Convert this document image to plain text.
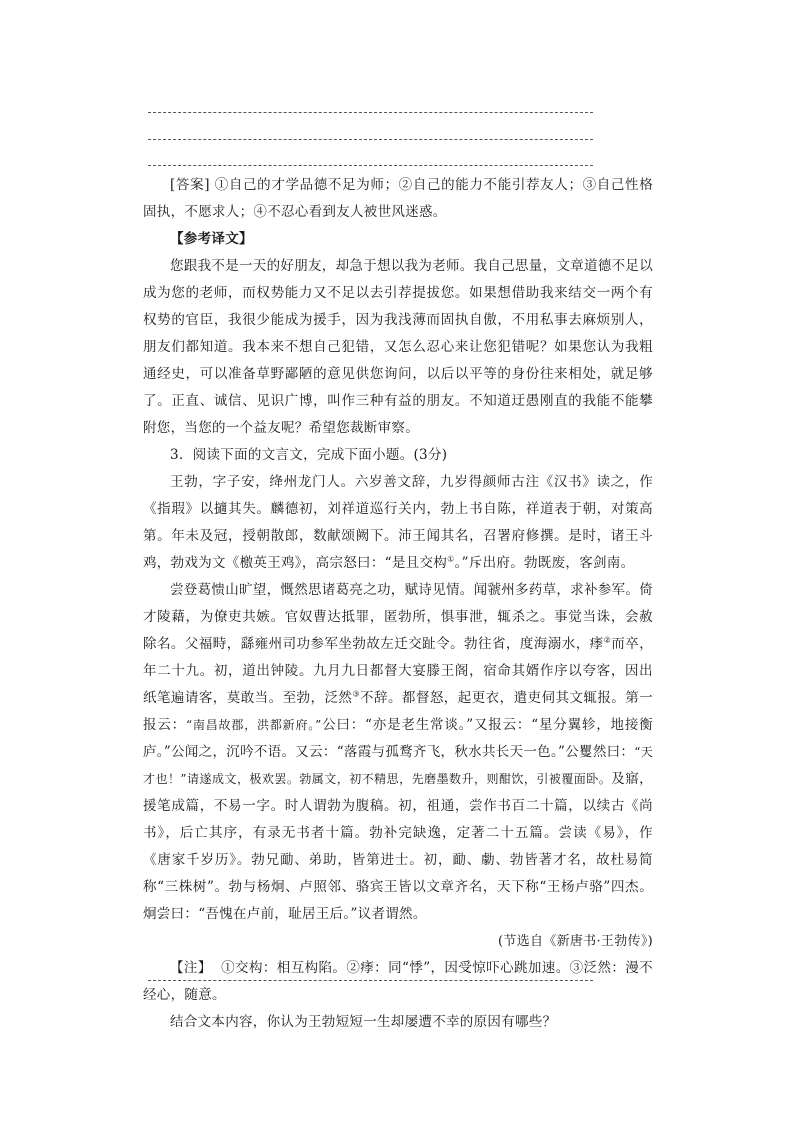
[答案] ①自己的才学品德不足为师；②自己的能力不能引荐友人；③自己性格固执，不愿求人；④不忍心看到友人被世风迷惑。

【参考译文】

您跟我不是一天的好朋友，却急于想以我为老师。我自己思量，文章道德不足以成为您的老师，而权势能力又不足以去引荐提拔您。如果想借助我来结交一两个有权势的官臣，我很少能成为援手，因为我浅薄而固执自傲，不用私事去麻烦别人，朋友们都知道。我本来不想自己犯错，又怎么忍心来让您犯错呢？如果您认为我粗通经史，可以准备草野鄙陋的意见供您询问，以后以平等的身份往来相处，就足够了。正直、诚信、见识广博，叫作三种有益的朋友。不知道迂愚刚直的我能不能攀附您，当您的一个益友呢？希望您裁断审察。

3．阅读下面的文言文，完成下面小题。(3分)

王勃，字子安，绛州龙门人。六岁善文辞，九岁得颜师古注《汉书》读之，作《指瑕》以擿其失。麟德初，刘祥道巡行关内，勃上书自陈，祥道表于朝，对策高第。年未及冠，授朝散郎，数献颂阙下。沛王闻其名，召署府修撰。是时，诸王斗鸡，勃戏为文《檄英王鸡》，高宗怒曰：“是且交构①。”斥出府。勃既废，客剑南。

尝登葛愦山旷望，慨然思诸葛亮之功，赋诗见情。闻虢州多药草，求补参军。倚才陵藉，为僚吏共嫉。官奴曹达抵罪，匿勃所，惧事泄，辄杀之。事觉当诛，会赦除名。父福畤，繇雍州司功参军坐勃故左迁交趾令。勃往省，度海溺水，痵②而卒，年二十九。初，道出钟陵。九月九日都督大宴滕王阁，宿命其婿作序以夸客，因出纸笔遍请客，莫敢当。至勃，泛然③不辞。都督怒，起更衣，遣吏伺其文辄报。第一报云：“南昌故郡，洪都新府。”公曰：“亦是老生常谈。”又报云：“星分翼轸，地接衡庐。”公闻之，沉吟不语。又云：“落霞与孤鹜齐飞，秋水共长天一色。”公矍然曰：“天才也！”请遂成文，极欢罢。勃属文，初不精思，先磨墨数升，则酣饮，引被覆面卧。及寤，援笔成篇，不易一字。时人谓勃为腹稿。初，祖通，尝作书百二十篇，以续古《尚书》，后亡其序，有录无书者十篇。勃补完缺逸，定著二十五篇。尝读《易》，作《唐家千岁历》。勃兄勔、弟助，皆第进士。初，勔、勮、勃皆著才名，故杜易简称“三株树”。勃与杨炯、卢照邻、骆宾王皆以文章齐名，天下称“王杨卢骆”四杰。炯尝曰：“吾愧在卢前，耻居王后。”议者谓然。

(节选自《新唐书·王勃传》)

【注】 ①交构：相互构陷。②痵：同“悸”，因受惊吓心跳加速。③泛然：漫不经心，随意。

结合文本内容，你认为王勃短短一生却屡遭不幸的原因有哪些？
